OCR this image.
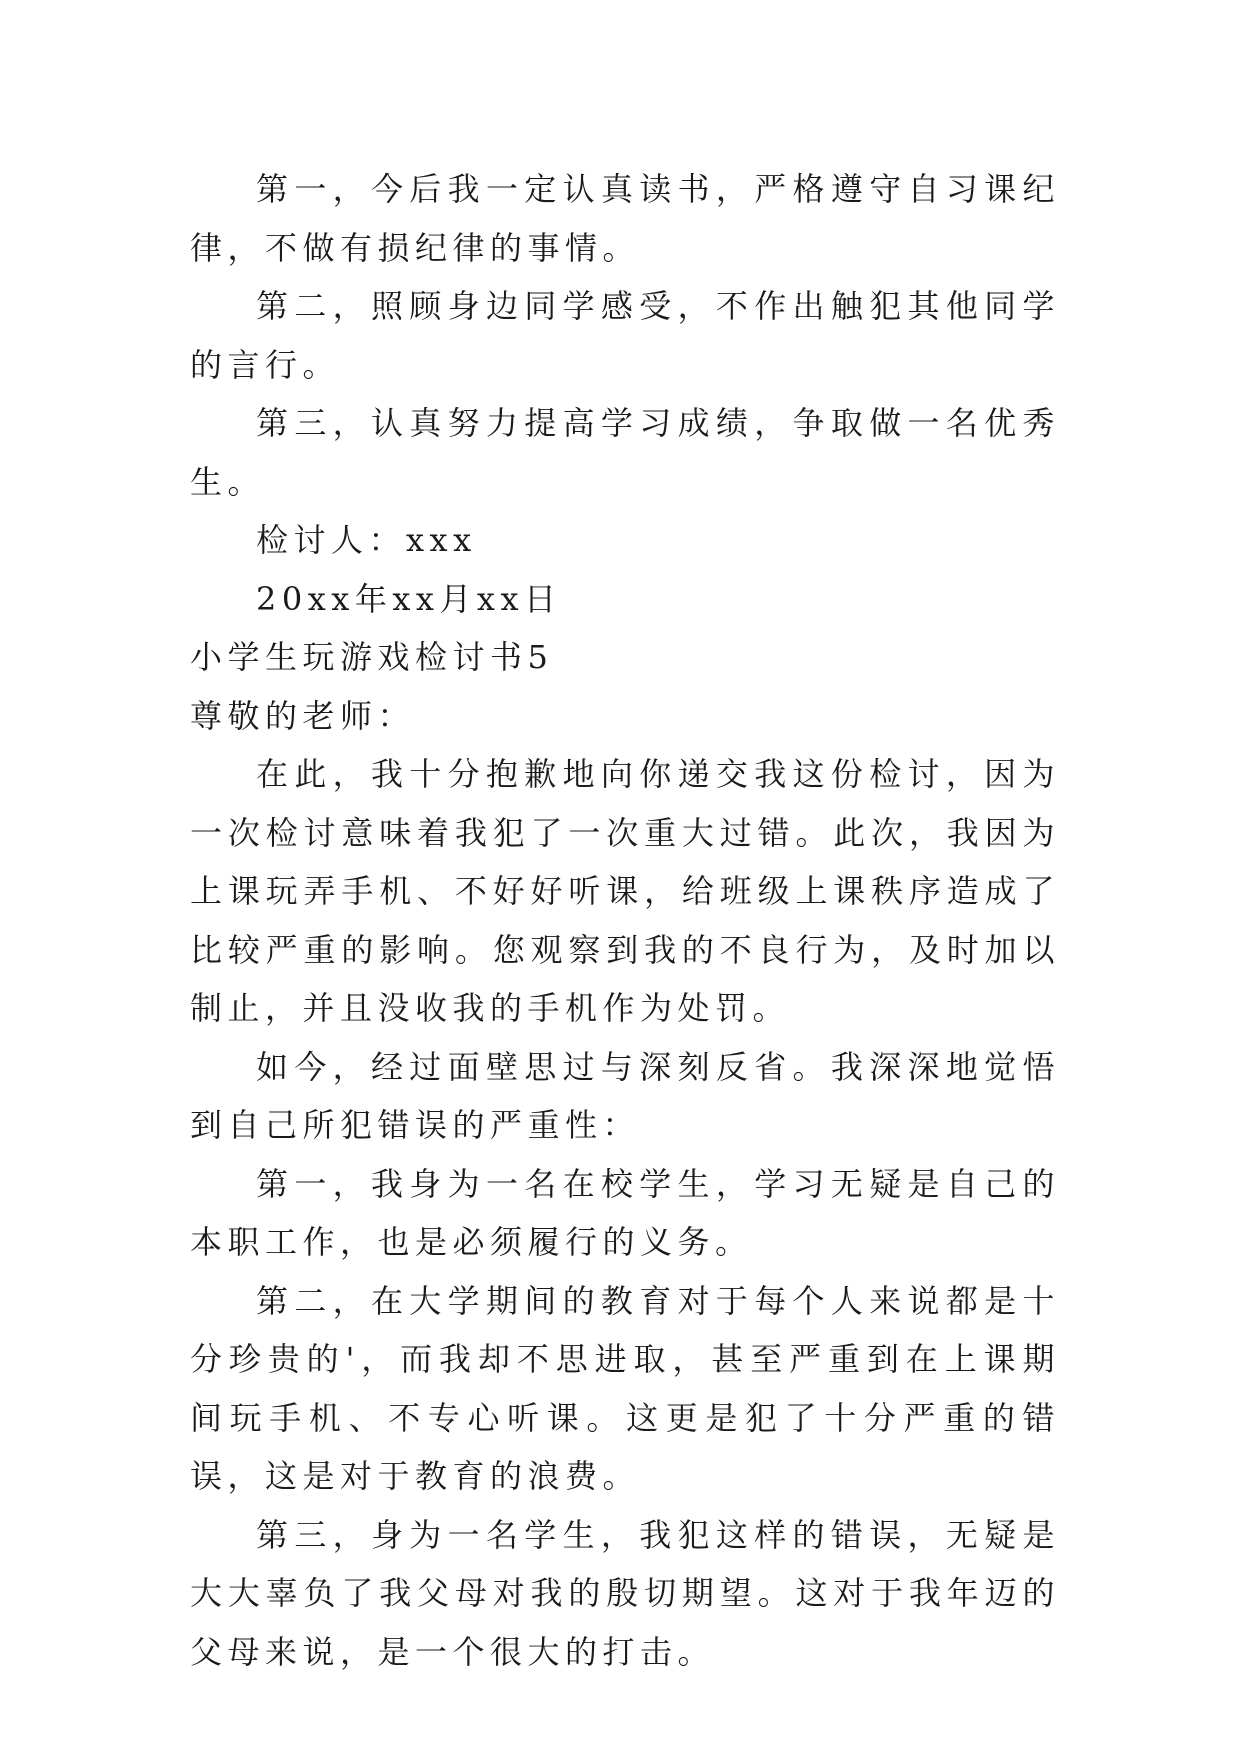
第一，今后我一定认真读书，严格遵守自习课纪律，不做有损纪律的事情。

第二，照顾身边同学感受，不作出触犯其他同学的言行。

第三，认真努力提高学习成绩，争取做一名优秀生。

检讨人：xxx

20xx年xx月xx日

小学生玩游戏检讨书5

尊敬的老师：

在此，我十分抱歉地向你递交我这份检讨，因为一次检讨意味着我犯了一次重大过错。此次，我因为上课玩弄手机、不好好听课，给班级上课秩序造成了比较严重的影响。您观察到我的不良行为，及时加以制止，并且没收我的手机作为处罚。

如今，经过面壁思过与深刻反省。我深深地觉悟到自己所犯错误的严重性：

第一，我身为一名在校学生，学习无疑是自己的本职工作，也是必须履行的义务。

第二，在大学期间的教育对于每个人来说都是十分珍贵的'，而我却不思进取，甚至严重到在上课期间玩手机、不专心听课。这更是犯了十分严重的错误，这是对于教育的浪费。

第三，身为一名学生，我犯这样的错误，无疑是大大辜负了我父母对我的殷切期望。这对于我年迈的父母来说，是一个很大的打击。
